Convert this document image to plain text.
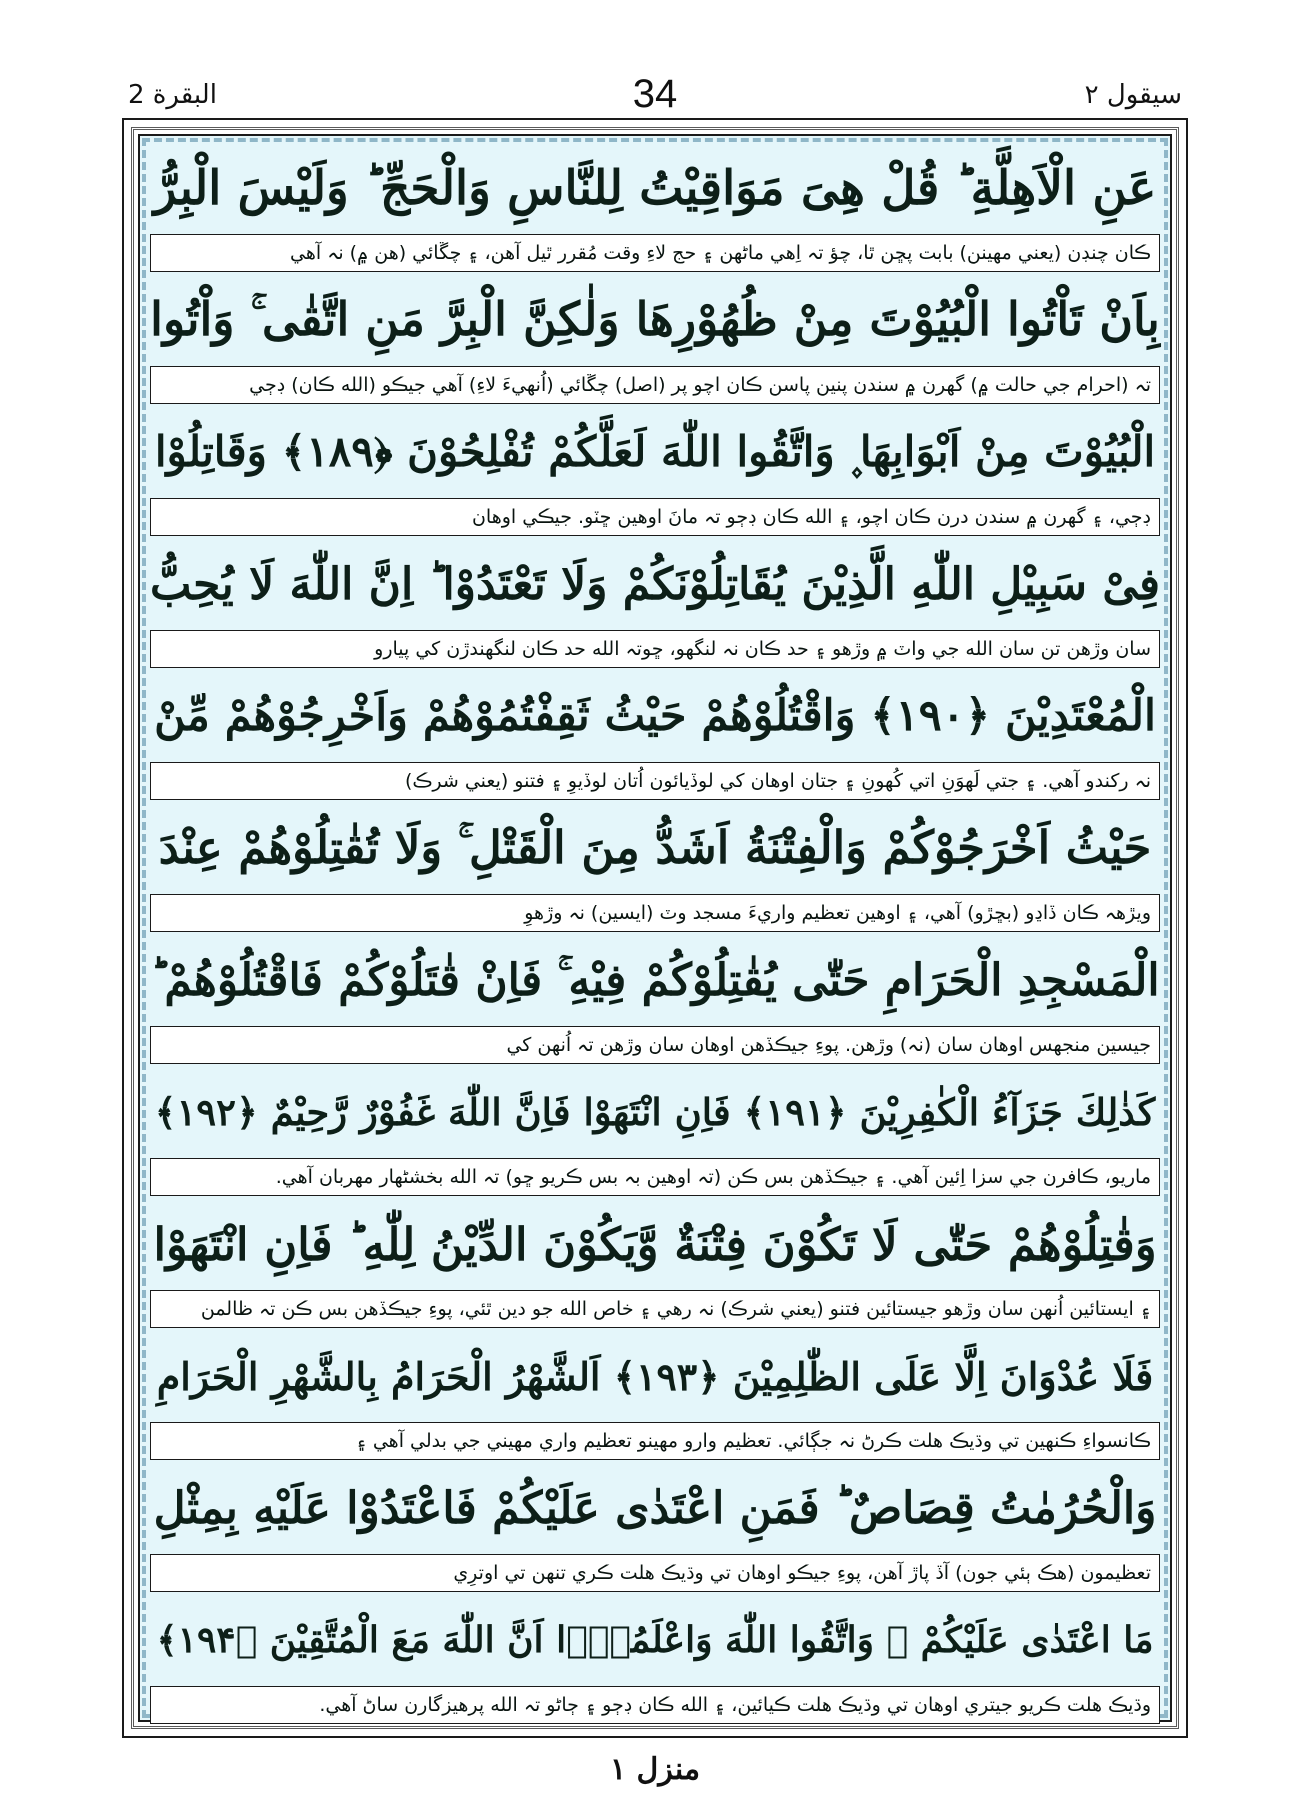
البقرة 2	34	سيقول ٢
عَنِ الْاَهِلَّةِ ؕ قُلْ هِیَ مَوَاقِیْتُ لِلنَّاسِ وَالْحَجِّ ؕ وَلَیْسَ الْبِرُّ
ڪان چنڊن (يعني مهينن) بابت پڇن ٿا، چؤ تہ اِهي ماڻهن ۽ حج لاءِ وقت مُقرر ٿيل آهن، ۽ چڱائي (هن ۾) نہ آهي
بِاَنْ تَاْتُوا الْبُیُوْتَ مِنْ ظُهُوْرِهَا وَلٰكِنَّ الْبِرَّ مَنِ اتَّقٰی ۚ وَاْتُوا
تہ (احرام جي حالت ۾) گهرن ۾ سندن پنين پاسن ڪان اچو پر (اصل) چڱائي (اُنهيءَ لاءِ) آهي جيڪو (الله ڪان) ڊڄي
الْبُیُوْتَ مِنْ اَبْوَابِهَا ۪ وَاتَّقُوا اللّٰهَ لَعَلَّكُمْ تُفْلِحُوْنَ ﴿۱۸۹﴾ وَقَاتِلُوْا
ڊڄي، ۽ گهرن ۾ سندن درن ڪان اچو، ۽ الله ڪان ڊڄو تہ مانَ اوهين ڇٽو. جيڪي اوهان
فِیْ سَبِیْلِ اللّٰهِ الَّذِیْنَ یُقَاتِلُوْنَكُمْ وَلَا تَعْتَدُوْا ؕ اِنَّ اللّٰهَ لَا یُحِبُّ
سان وڙهن تن سان الله جي واٽ ۾ وڙهو ۽ حد ڪان نہ لنگهو، ڇوتہ الله حد ڪان لنگهندڙن کي پيارو
الْمُعْتَدِیْنَ ﴿۱۹۰﴾ وَاقْتُلُوْهُمْ حَیْثُ ثَقِفْتُمُوْهُمْ وَاَخْرِجُوْهُمْ مِّنْ
نہ رکندو آهي. ۽ جتي لَهوَنِ اتي کُهونِ ۽ جتان اوهان کي لوڏيائون اُتان لوڏيوِ ۽ فتنو (يعني شرڪ)
حَیْثُ اَخْرَجُوْكُمْ وَالْفِتْنَةُ اَشَدُّ مِنَ الْقَتْلِ ۚ وَلَا تُقٰتِلُوْهُمْ عِنْدَ
ويڙهہ ڪان ڏاڍو (بڇڙو) آهي، ۽ اوهين تعظيم واريءَ مسجد وٽ (ايسين) نہ وڙهوِ
الْمَسْجِدِ الْحَرَامِ حَتّٰی یُقٰتِلُوْكُمْ فِیْهِ ۚ فَاِنْ قٰتَلُوْكُمْ فَاقْتُلُوْهُمْ ؕ
جيسين منجهس اوهان سان (نہ) وڙهن. پوءِ جيڪڏهن اوهان سان وڙهن تہ اُنهن کي
كَذٰلِكَ جَزَآءُ الْكٰفِرِیْنَ ﴿۱۹۱﴾ فَاِنِ انْتَهَوْا فَاِنَّ اللّٰهَ غَفُوْرٌ رَّحِیْمٌ ﴿۱۹۲﴾
ماريو، ڪافرن جي سزا اِئين آهي. ۽ جيڪڏهن بس ڪن (تہ اوهين بہ بس ڪريو ڇو) تہ الله بخشڻهار مهربان آهي.
وَقٰتِلُوْهُمْ حَتّٰی لَا تَكُوْنَ فِتْنَةٌ وَّیَكُوْنَ الدِّیْنُ لِلّٰهِ ؕ فَاِنِ انْتَهَوْا
۽ ايستائين اُنهن سان وڙهو جيستائين فتنو (يعني شرڪ) نہ رهي ۽ خاص الله جو دين ٿئي، پوءِ جيڪڏهن بس ڪن تہ ظالمن
فَلَا عُدْوَانَ اِلَّا عَلَی الظّٰلِمِیْنَ ﴿۱۹۳﴾ اَلشَّهْرُ الْحَرَامُ بِالشَّهْرِ الْحَرَامِ
ڪانسواءِ ڪنهين تي وڌيڪ هلت ڪرڻ نہ جڳائي. تعظيم وارو مهينو تعظيم واري مهيني جي بدلي آهي ۽
وَالْحُرُمٰتُ قِصَاصٌ ؕ فَمَنِ اعْتَدٰی عَلَیْكُمْ فَاعْتَدُوْا عَلَیْهِ بِمِثْلِ
تعظيمون (هڪ ٻئي جون) آڏ پاڙ آهن، پوءِ جيڪو اوهان تي وڌيڪ هلت ڪري تنهن تي اوترِي
مَا اعْتَدٰی عَلَیْكُمْ ۪ وَاتَّقُوا اللّٰهَ وَاعْلَمُوْۤا اَنَّ اللّٰهَ مَعَ الْمُتَّقِیْنَ ﴿۱۹۴﴾
وڌيڪ هلت ڪريو جيتري اوهان تي وڌيڪ هلت ڪيائين، ۽ الله ڪان ڊڄو ۽ ڄاڻو تہ الله پرهيزگارن ساڻ آهي.
منزل ١
